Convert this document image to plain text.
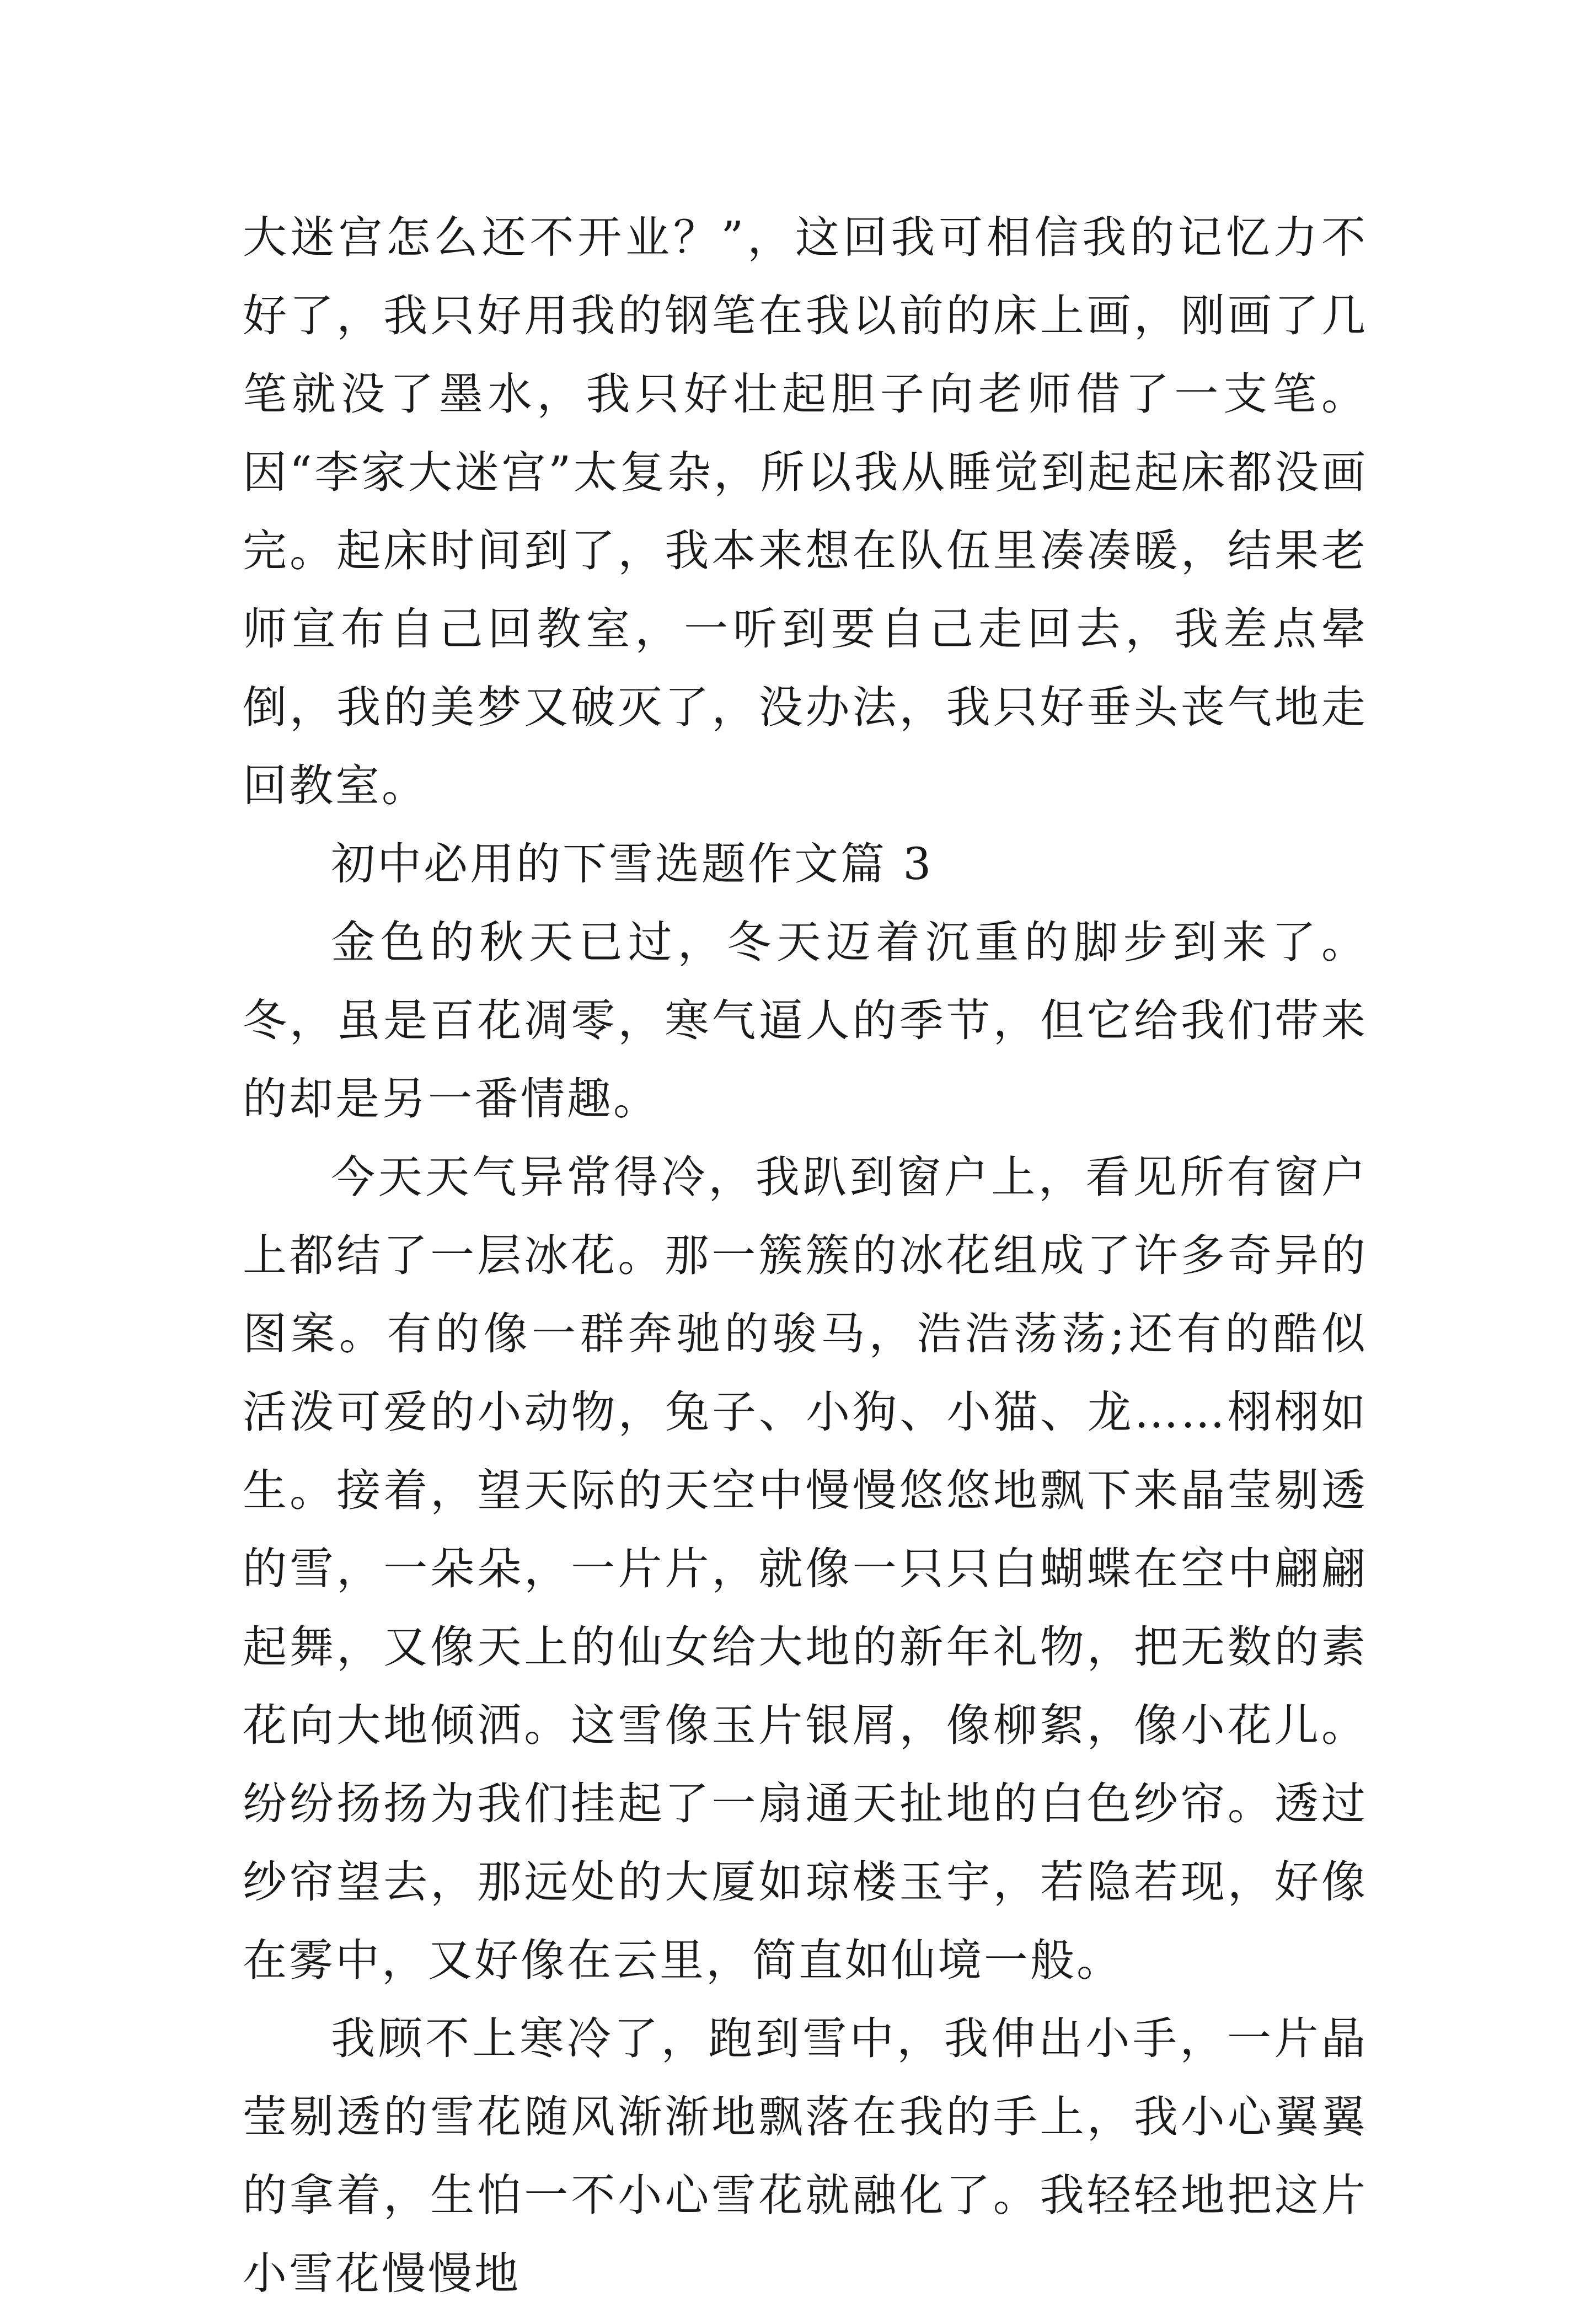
大迷宫怎么还不开业？”，这回我可相信我的记忆力不好了，我只好用我的钢笔在我以前的床上画，刚画了几笔就没了墨水，我只好壮起胆子向老师借了一支笔。因“李家大迷宫”太复杂，所以我从睡觉到起起床都没画完。起床时间到了，我本来想在队伍里凑凑暖，结果老师宣布自己回教室，一听到要自己走回去，我差点晕倒，我的美梦又破灭了，没办法，我只好垂头丧气地走回教室。

初中必用的下雪选题作文篇 3

金色的秋天已过，冬天迈着沉重的脚步到来了。冬，虽是百花凋零，寒气逼人的季节，但它给我们带来的却是另一番情趣。

今天天气异常得冷，我趴到窗户上，看见所有窗户上都结了一层冰花。那一簇簇的冰花组成了许多奇异的图案。有的像一群奔驰的骏马，浩浩荡荡;还有的酷似活泼可爱的小动物，兔子、小狗、小猫、龙……栩栩如生。接着，望天际的天空中慢慢悠悠地飘下来晶莹剔透的雪，一朵朵，一片片，就像一只只白蝴蝶在空中翩翩起舞，又像天上的仙女给大地的新年礼物，把无数的素花向大地倾洒。这雪像玉片银屑，像柳絮，像小花儿。纷纷扬扬为我们挂起了一扇通天扯地的白色纱帘。透过纱帘望去，那远处的大厦如琼楼玉宇，若隐若现，好像在雾中，又好像在云里，简直如仙境一般。

我顾不上寒冷了，跑到雪中，我伸出小手，一片晶莹剔透的雪花随风渐渐地飘落在我的手上，我小心翼翼的拿着，生怕一不小心雪花就融化了。我轻轻地把这片小雪花慢慢地
